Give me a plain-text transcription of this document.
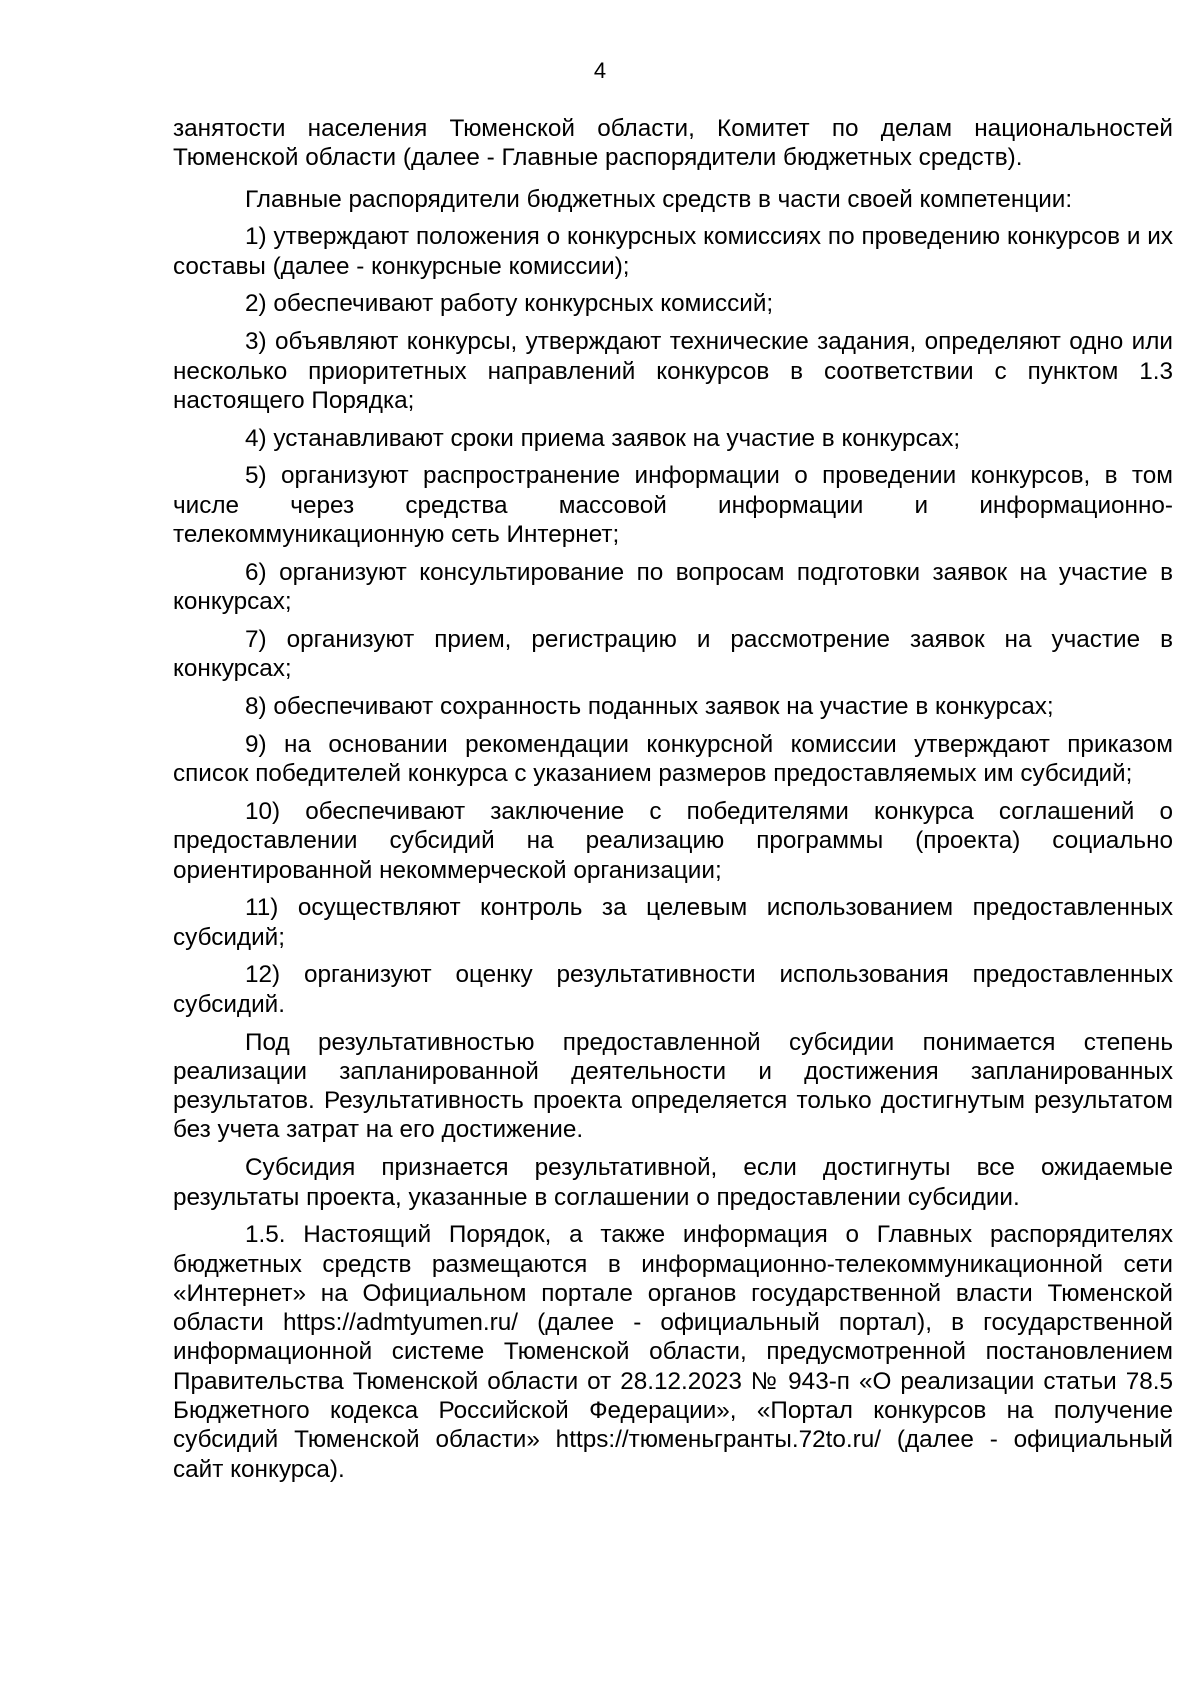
4

занятости населения Тюменской области, Комитет по делам национальностей Тюменской области (далее - Главные распорядители бюджетных средств).

Главные распорядители бюджетных средств в части своей компетенции:

1) утверждают положения о конкурсных комиссиях по проведению конкурсов и их составы (далее - конкурсные комиссии);

2) обеспечивают работу конкурсных комиссий;

3) объявляют конкурсы, утверждают технические задания, определяют одно или несколько приоритетных направлений конкурсов в соответствии с пунктом 1.3 настоящего Порядка;

4) устанавливают сроки приема заявок на участие в конкурсах;

5) организуют распространение информации о проведении конкурсов, в том числе через средства массовой информации и информационно-телекоммуникационную сеть Интернет;

6) организуют консультирование по вопросам подготовки заявок на участие в конкурсах;

7) организуют прием, регистрацию и рассмотрение заявок на участие в конкурсах;

8) обеспечивают сохранность поданных заявок на участие в конкурсах;

9) на основании рекомендации конкурсной комиссии утверждают приказом список победителей конкурса с указанием размеров предоставляемых им субсидий;

10) обеспечивают заключение с победителями конкурса соглашений о предоставлении субсидий на реализацию программы (проекта) социально ориентированной некоммерческой организации;

11) осуществляют контроль за целевым использованием предоставленных субсидий;

12) организуют оценку результативности использования предоставленных субсидий.

Под результативностью предоставленной субсидии понимается степень реализации запланированной деятельности и достижения запланированных результатов. Результативность проекта определяется только достигнутым результатом без учета затрат на его достижение.

Субсидия признается результативной, если достигнуты все ожидаемые результаты проекта, указанные в соглашении о предоставлении субсидии.

1.5. Настоящий Порядок, а также информация о Главных распорядителях бюджетных средств размещаются в информационно-телекоммуникационной сети «Интернет» на Официальном портале органов государственной власти Тюменской области https://admtyumen.ru/ (далее - официальный портал), в государственной информационной системе Тюменской области, предусмотренной постановлением Правительства Тюменской области от 28.12.2023 № 943-п «О реализации статьи 78.5 Бюджетного кодекса Российской Федерации», «Портал конкурсов на получение субсидий Тюменской области» https://тюменьгранты.72to.ru/ (далее - официальный сайт конкурса).
